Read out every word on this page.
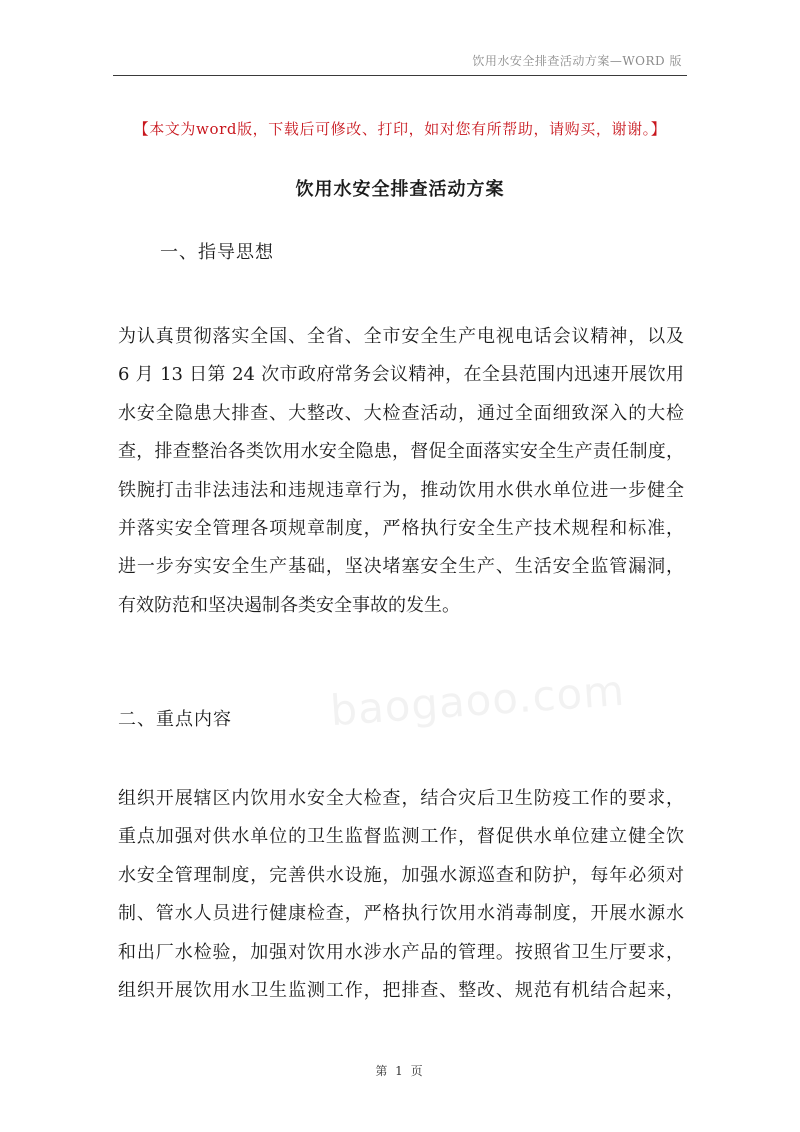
饮用水安全排查活动方案—WORD 版
【本文为word版，下载后可修改、打印，如对您有所帮助，请购买，谢谢。】
饮用水安全排查活动方案
一、指导思想
为认真贯彻落实全国、全省、全市安全生产电视电话会议精神，以及
6 月 13 日第 24 次市政府常务会议精神，在全县范围内迅速开展饮用
水安全隐患大排查、大整改、大检查活动，通过全面细致深入的大检
查，排查整治各类饮用水安全隐患，督促全面落实安全生产责任制度，
铁腕打击非法违法和违规违章行为，推动饮用水供水单位进一步健全
并落实安全管理各项规章制度，严格执行安全生产技术规程和标准，
进一步夯实安全生产基础，坚决堵塞安全生产、生活安全监管漏洞，
有效防范和坚决遏制各类安全事故的发生。
baogaoo.com
二、重点内容
组织开展辖区内饮用水安全大检查，结合灾后卫生防疫工作的要求，
重点加强对供水单位的卫生监督监测工作，督促供水单位建立健全饮
水安全管理制度，完善供水设施，加强水源巡查和防护，每年必须对
制、管水人员进行健康检查，严格执行饮用水消毒制度，开展水源水
和出厂水检验，加强对饮用水涉水产品的管理。按照省卫生厅要求，
组织开展饮用水卫生监测工作，把排查、整改、规范有机结合起来，
第 1 页
